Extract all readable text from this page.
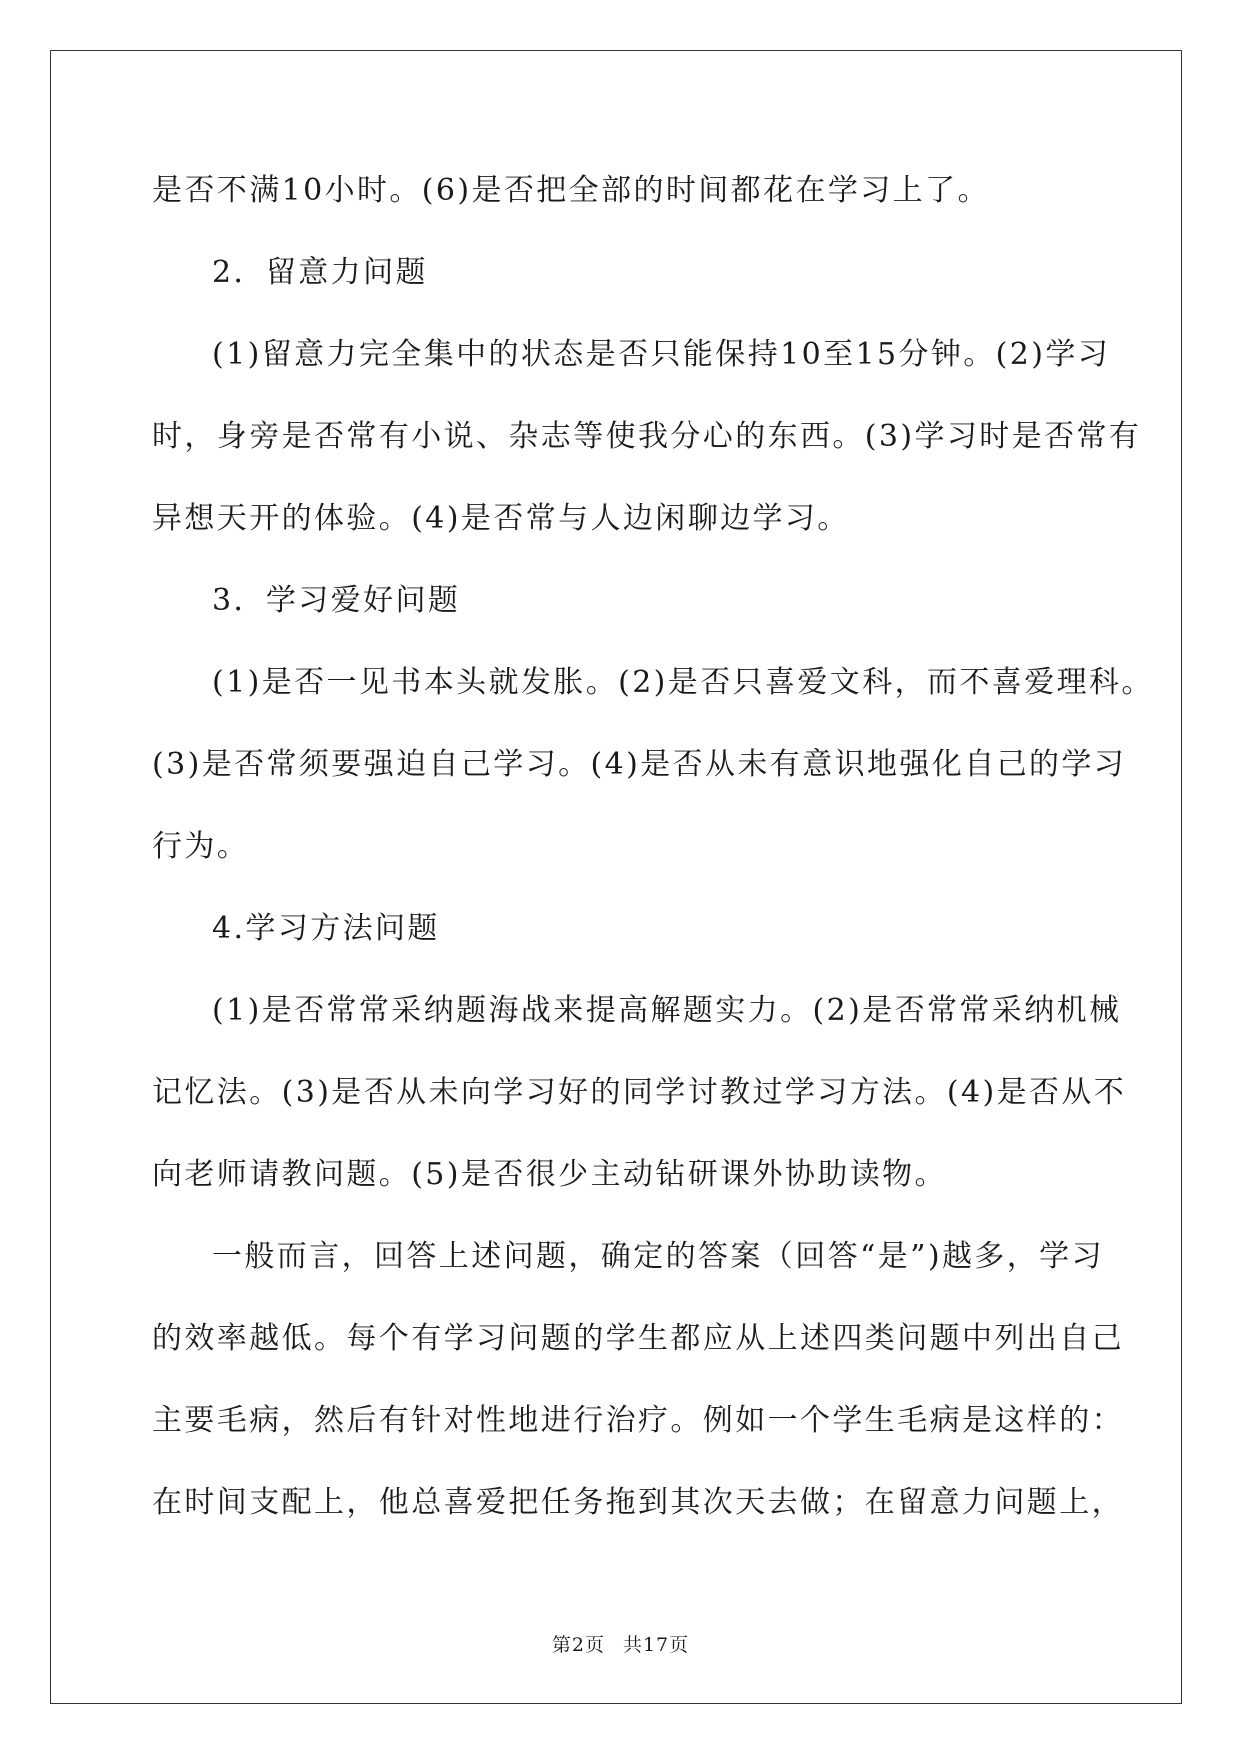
是否不满10小时。(6)是否把全部的时间都花在学习上了。
2．留意力问题
(1)留意力完全集中的状态是否只能保持10至15分钟。(2)学习
时，身旁是否常有小说、杂志等使我分心的东西。(3)学习时是否常有
异想天开的体验。(4)是否常与人边闲聊边学习。
3．学习爱好问题
(1)是否一见书本头就发胀。(2)是否只喜爱文科，而不喜爱理科。
(3)是否常须要强迫自己学习。(4)是否从未有意识地强化自己的学习
行为。
4.学习方法问题
(1)是否常常采纳题海战来提高解题实力。(2)是否常常采纳机械
记忆法。(3)是否从未向学习好的同学讨教过学习方法。(4)是否从不
向老师请教问题。(5)是否很少主动钻研课外协助读物。
一般而言，回答上述问题，确定的答案（回答“是”)越多，学习
的效率越低。每个有学习问题的学生都应从上述四类问题中列出自己
主要毛病，然后有针对性地进行治疗。例如一个学生毛病是这样的：
在时间支配上，他总喜爱把任务拖到其次天去做；在留意力问题上，
第2页 共17页
